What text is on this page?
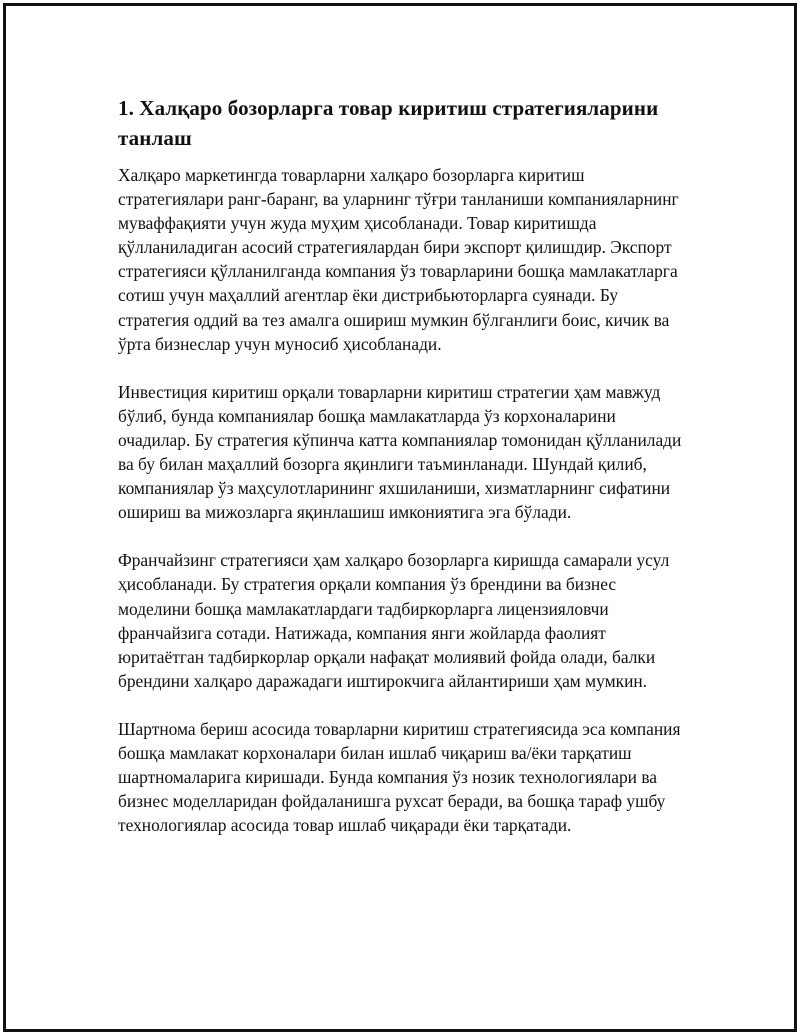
1. Халқаро бозорларга товар киритиш стратегияларини танлаш

Халқаро маркетингда товарларни халқаро бозорларга киритиш стратегиялари ранг-баранг, ва уларнинг тўғри танланиши компанияларнинг муваффақияти учун жуда муҳим ҳисобланади. Товар киритишда қўлланиладиган асосий стратегиялардан бири экспорт қилишдир. Экспорт стратегияси қўлланилганда компания ўз товарларини бошқа мамлакатларга сотиш учун маҳаллий агентлар ёки дистрибьюторларга суянади. Бу стратегия оддий ва тез амалга ошириш мумкин бўлганлиги боис, кичик ва ўрта бизнеслар учун муносиб ҳисобланади.

Инвестиция киритиш орқали товарларни киритиш стратегии ҳам мавжуд бўлиб, бунда компаниялар бошқа мамлакатларда ўз корхоналарини очадилар. Бу стратегия кўпинча катта компаниялар томонидан қўлланилади ва бу билан маҳаллий бозорга яқинлиги таъминланади. Шундай қилиб, компаниялар ўз маҳсулотларининг яхшиланиши, хизматларнинг сифатини ошириш ва мижозларга яқинлашиш имкониятига эга бўлади.

Франчайзинг стратегияси ҳам халқаро бозорларга киришда самарали усул ҳисобланади. Бу стратегия орқали компания ўз брендини ва бизнес моделини бошқа мамлакатлардаги тадбиркорларга лицензияловчи франчайзига сотади. Натижада, компания янги жойларда фаолият юритаётган тадбиркорлар орқали нафақат молиявий фойда олади, балки брендини халқаро даражадаги иштирокчига айлантириши ҳам мумкин.

Шартнома бериш асосида товарларни киритиш стратегиясида эса компания бошқа мамлакат корхоналари билан ишлаб чиқариш ва/ёки тарқатиш шартномаларига киришади. Бунда компания ўз нозик технологиялари ва бизнес моделларидан фойдаланишга рухсат беради, ва бошқа тараф ушбу технологиялар асосида товар ишлаб чиқаради ёки тарқатади.
